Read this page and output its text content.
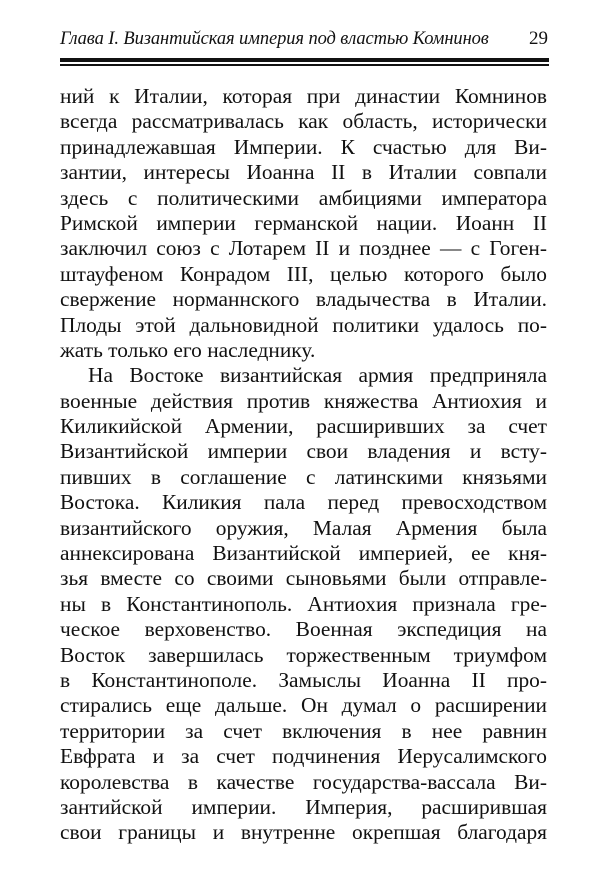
Глава I. Византийская империя под властью Комнинов 29
ний к Италии, которая при династии Комнинов
всегда рассматривалась как область, исторически
принадлежавшая Империи. К счастью для Ви-
зантии, интересы Иоанна II в Италии совпали
здесь с политическими амбициями императора
Римской империи германской нации. Иоанн II
заключил союз с Лотарем II и позднее — с Гоген-
штауфеном Конрадом III, целью которого было
свержение норманнского владычества в Италии.
Плоды этой дальновидной политики удалось по-
жать только его наследнику.
На Востоке византийская армия предприняла
военные действия против княжества Антиохия и
Киликийской Армении, расширивших за счет
Византийской империи свои владения и всту-
пивших в соглашение с латинскими князьями
Востока. Киликия пала перед превосходством
византийского оружия, Малая Армения была
аннексирована Византийской империей, ее кня-
зья вместе со своими сыновьями были отправле-
ны в Константинополь. Антиохия признала гре-
ческое верховенство. Военная экспедиция на
Восток завершилась торжественным триумфом
в Константинополе. Замыслы Иоанна II про-
стирались еще дальше. Он думал о расширении
территории за счет включения в нее равнин
Евфрата и за счет подчинения Иерусалимского
королевства в качестве государства-вассала Ви-
зантийской империи. Империя, расширившая
свои границы и внутренне окрепшая благодаря
